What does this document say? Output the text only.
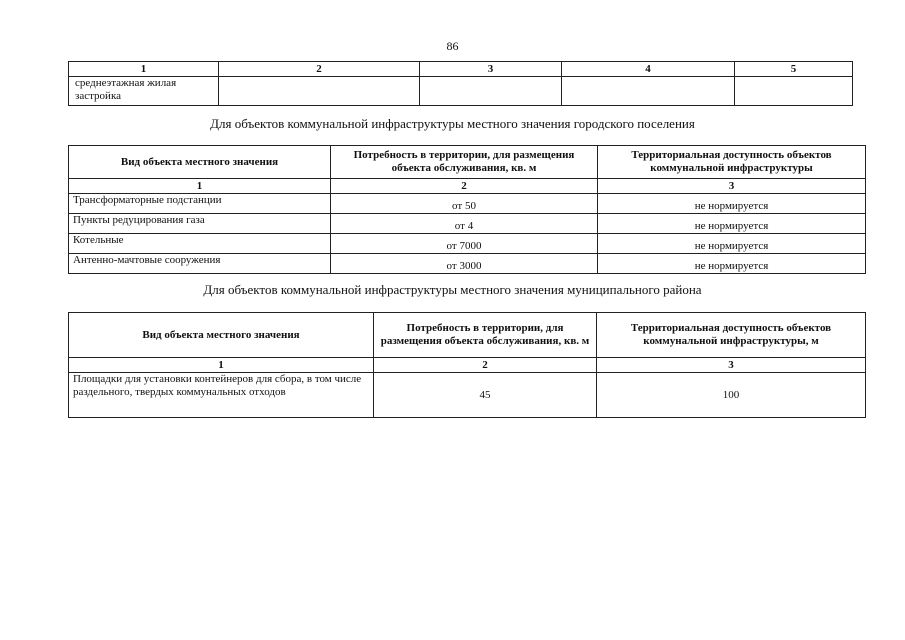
86
1	2	3	4	5
среднеэтажная жилая застройка				
Для объектов коммунальной инфраструктуры местного значения городского поселения
Вид объекта местного значения	Потребность в территории, для размещения объекта обслуживания, кв. м	Территориальная доступность объектов коммунальной инфраструктуры
1	2	3
Трансформаторные подстанции	от 50	не нормируется
Пункты редуцирования газа	от 4	не нормируется
Котельные	от 7000	не нормируется
Антенно-мачтовые сооружения	от 3000	не нормируется
Для объектов коммунальной инфраструктуры местного значения муниципального района
Вид объекта местного значения	Потребность в территории, для размещения объекта обслуживания, кв. м	Территориальная доступность объектов коммунальной инфраструктуры, м
1	2	3
Площадки для установки контейнеров для сбора, в том числе раздельного, твердых коммунальных отходов	45	100
